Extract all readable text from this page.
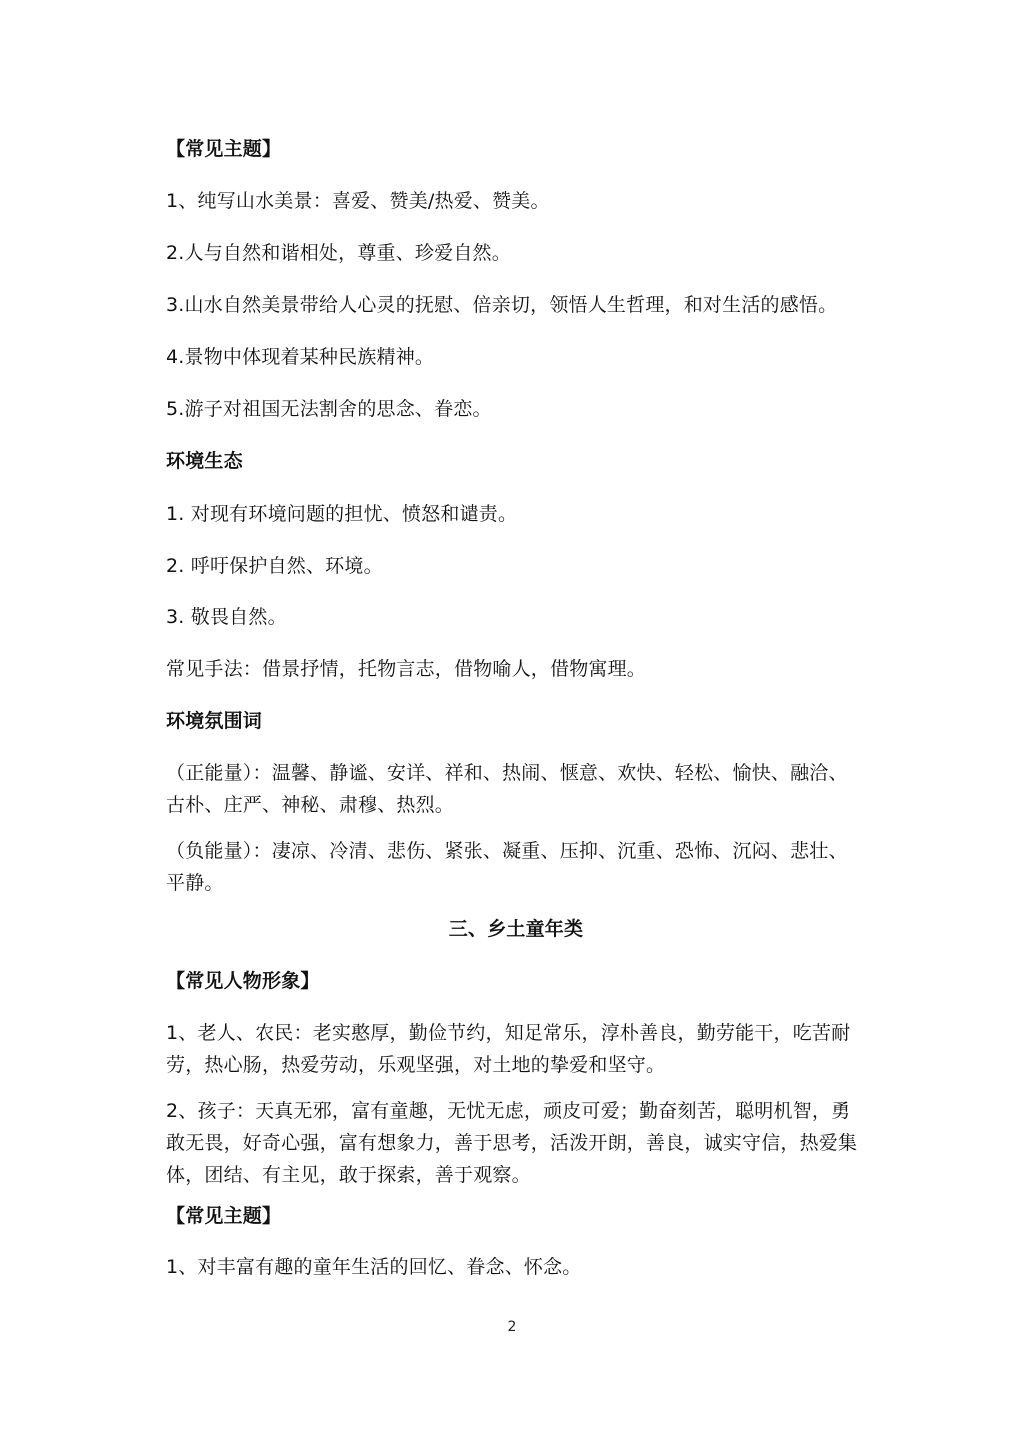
【常见主题】
1、纯写山水美景：喜爱、赞美/热爱、赞美。
2.人与自然和谐相处，尊重、珍爱自然。
3.山水自然美景带给人心灵的抚慰、倍亲切，领悟人生哲理，和对生活的感悟。
4.景物中体现着某种民族精神。
5.游子对祖国无法割舍的思念、眷恋。
环境生态
1. 对现有环境问题的担忧、愤怒和谴责。
2. 呼吁保护自然、环境。
3. 敬畏自然。
常见手法：借景抒情，托物言志，借物喻人，借物寓理。
环境氛围词
（正能量）：温馨、静谧、安详、祥和、热闹、惬意、欢快、轻松、愉快、融洽、古朴、庄严、神秘、肃穆、热烈。
（负能量）：凄凉、冷清、悲伤、紧张、凝重、压抑、沉重、恐怖、沉闷、悲壮、平静。
三、乡土童年类
【常见人物形象】
1、老人、农民：老实憨厚，勤俭节约，知足常乐，淳朴善良，勤劳能干，吃苦耐劳，热心肠，热爱劳动，乐观坚强，对土地的挚爱和坚守。
2、孩子：天真无邪，富有童趣，无忧无虑，顽皮可爱；勤奋刻苦，聪明机智，勇敢无畏，好奇心强，富有想象力，善于思考，活泼开朗，善良，诚实守信，热爱集体，团结、有主见，敢于探索，善于观察。
【常见主题】
1、对丰富有趣的童年生活的回忆、眷念、怀念。
2
